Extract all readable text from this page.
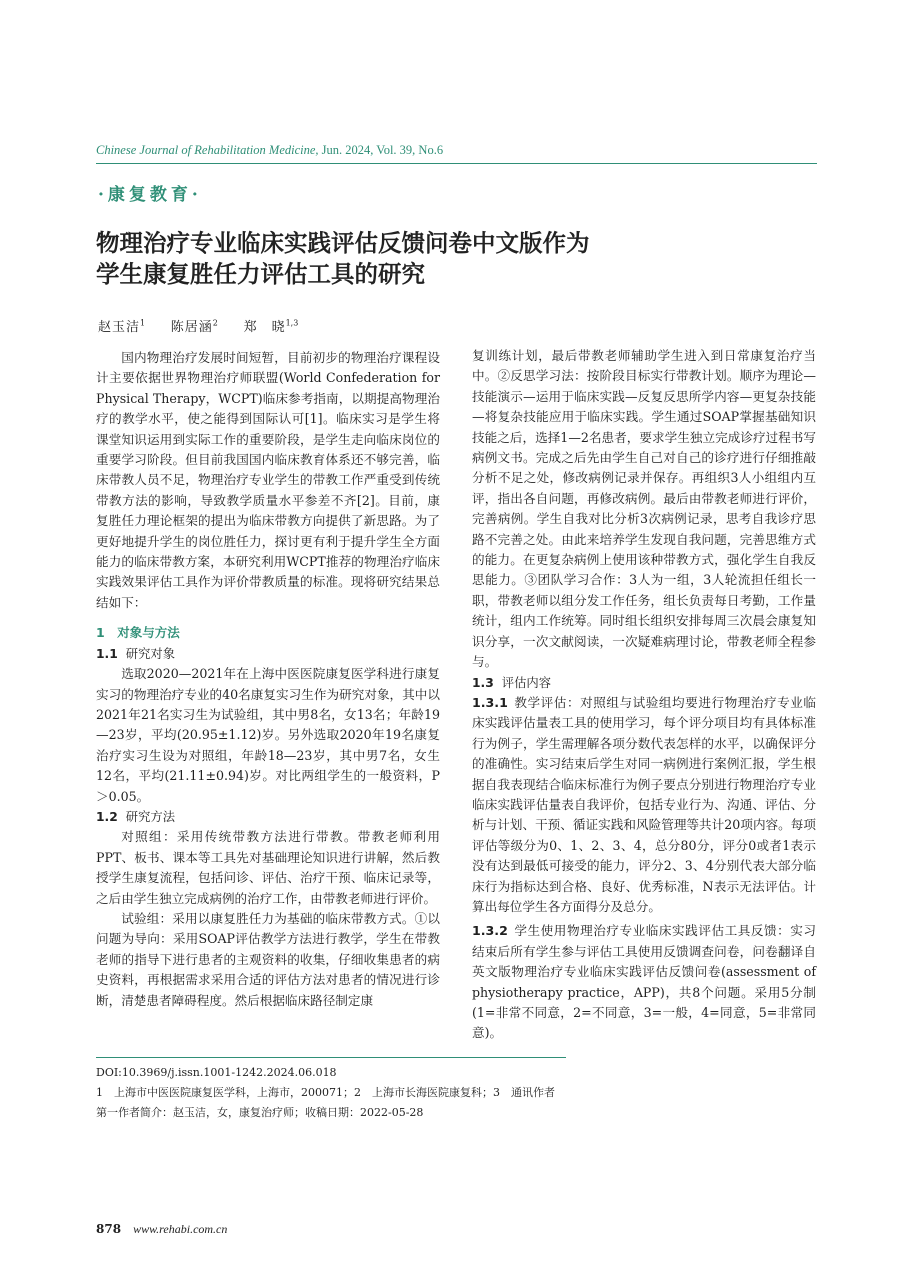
Chinese Journal of Rehabilitation Medicine, Jun. 2024, Vol. 39, No.6
·康复教育·
物理治疗专业临床实践评估反馈问卷中文版作为
学生康复胜任力评估工具的研究
赵玉洁$^1$ 陈居涵$^2$ 郑　晓$^{1,3}$

国内物理治疗发展时间短暂，目前初步的物理治疗课程设计主要依据世界物理治疗师联盟(World Confederation for Physical Therapy，WCPT)临床参考指南，以期提高物理治疗的教学水平，使之能得到国际认可[1]。临床实习是学生将课堂知识运用到实际工作的重要阶段，是学生走向临床岗位的重要学习阶段。但目前我国国内临床教育体系还不够完善，临床带教人员不足，物理治疗专业学生的带教工作严重受到传统带教方法的影响，导致教学质量水平参差不齐[2]。目前，康复胜任力理论框架的提出为临床带教方向提供了新思路。为了更好地提升学生的岗位胜任力，探讨更有利于提升学生全方面能力的临床带教方案，本研究利用WCPT推荐的物理治疗临床实践效果评估工具作为评价带教质量的标准。现将研究结果总结如下：

1　对象与方法
1.1 研究对象

选取2020—2021年在上海中医医院康复医学科进行康复实习的物理治疗专业的40名康复实习生作为研究对象，其中以2021年21名实习生为试验组，其中男8名，女13名；年龄19—23岁，平均(20.95±1.12)岁。另外选取2020年19名康复治疗实习生设为对照组，年龄18—23岁，其中男7名，女生12名，平均(21.11±0.94)岁。对比两组学生的一般资料，P＞0.05。

1.2 研究方法

对照组：采用传统带教方法进行带教。带教老师利用PPT、板书、课本等工具先对基础理论知识进行讲解，然后教授学生康复流程，包括问诊、评估、治疗干预、临床记录等，之后由学生独立完成病例的治疗工作，由带教老师进行评价。

试验组：采用以康复胜任力为基础的临床带教方式。①以问题为导向：采用SOAP评估教学方法进行教学，学生在带教老师的指导下进行患者的主观资料的收集，仔细收集患者的病史资料，再根据需求采用合适的评估方法对患者的情况进行诊断，清楚患者障碍程度。然后根据临床路径制定康

复训练计划，最后带教老师辅助学生进入到日常康复治疗当中。②反思学习法：按阶段目标实行带教计划。顺序为理论—技能演示—运用于临床实践—反复反思所学内容—更复杂技能—将复杂技能应用于临床实践。学生通过SOAP掌握基础知识技能之后，选择1—2名患者，要求学生独立完成诊疗过程书写病例文书。完成之后先由学生自己对自己的诊疗进行仔细推敲分析不足之处，修改病例记录并保存。再组织3人小组组内互评，指出各自问题，再修改病例。最后由带教老师进行评价，完善病例。学生自我对比分析3次病例记录，思考自我诊疗思路不完善之处。由此来培养学生发现自我问题，完善思维方式的能力。在更复杂病例上使用该种带教方式，强化学生自我反思能力。③团队学习合作：3人为一组，3人轮流担任组长一职，带教老师以组分发工作任务，组长负责每日考勤，工作量统计，组内工作统筹。同时组长组织安排每周三次晨会康复知识分享，一次文献阅读，一次疑难病理讨论，带教老师全程参与。

1.3 评估内容

1.3.1 教学评估：对照组与试验组均要进行物理治疗专业临床实践评估量表工具的使用学习，每个评分项目均有具体标准行为例子，学生需理解各项分数代表怎样的水平，以确保评分的准确性。实习结束后学生对同一病例进行案例汇报，学生根据自我表现结合临床标准行为例子要点分别进行物理治疗专业临床实践评估量表自我评价，包括专业行为、沟通、评估、分析与计划、干预、循证实践和风险管理等共计20项内容。每项评估等级分为0、1、2、3、4，总分80分，评分0或者1表示没有达到最低可接受的能力，评分2、3、4分别代表大部分临床行为指标达到合格、良好、优秀标准，N表示无法评估。计算出每位学生各方面得分及总分。

1.3.2 学生使用物理治疗专业临床实践评估工具反馈：实习结束后所有学生参与评估工具使用反馈调查问卷，问卷翻译自英文版物理治疗专业临床实践评估反馈问卷(assessment of physiotherapy practice，APP)，共8个问题。采用5分制(1=非常不同意，2=不同意，3=一般，4=同意，5=非常同意)。

DOI:10.3969/j.issn.1001-1242.2024.06.018
1　上海市中医医院康复医学科，上海市，200071；2　上海市长海医院康复科；3　通讯作者
第一作者简介：赵玉洁，女，康复治疗师；收稿日期：2022-05-28
878 www.rehabi.com.cn
